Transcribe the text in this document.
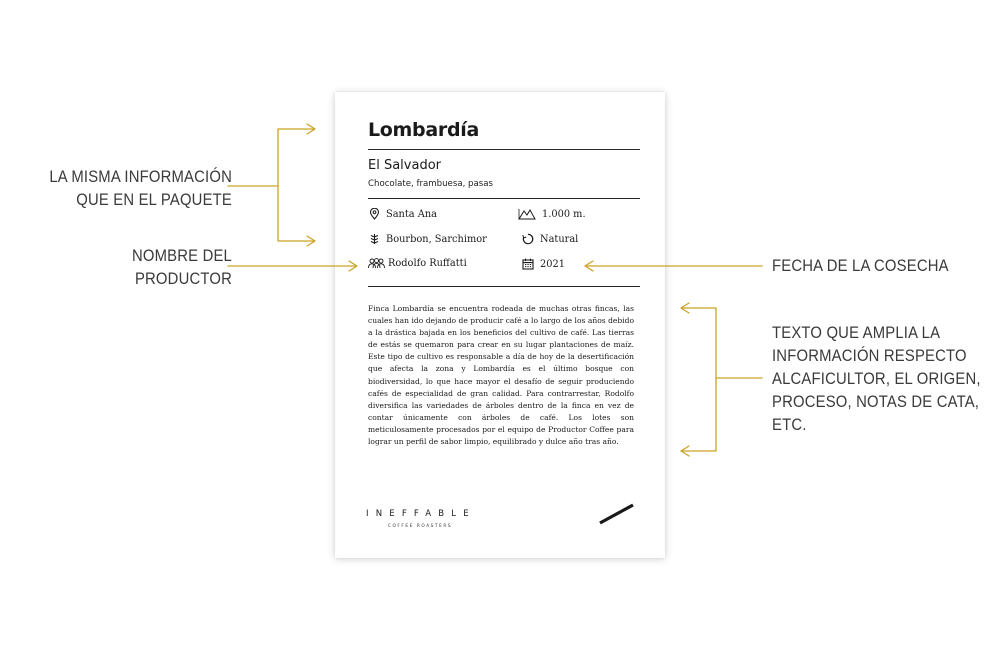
LA MISMA INFORMACIÓN
QUE EN EL PAQUETE
NOMBRE DEL
PRODUCTOR
FECHA DE LA COSECHA
TEXTO QUE AMPLIA LA
INFORMACIÓN RESPECTO
ALCAFICULTOR, EL ORIGEN,
PROCESO, NOTAS DE CATA,
ETC.
Lombardía
El Salvador
Chocolate, frambuesa, pasas
Santa Ana	1.000 m.
Bourbon, Sarchimor	Natural
Rodolfo Ruffatti	2021
Finca Lombardía se encuentra rodeada de muchas otras fincas, las cuales han ido dejando de producir café a lo largo de los años debido a la drástica bajada en los beneficios del cultivo de café. Las tierras de estás se quemaron para crear en su lugar plantaciones de maíz. Este tipo de cultivo es responsable a día de hoy de la desertificación que afecta la zona y Lombardía es el último bosque con biodiversidad, lo que hace mayor el desafío de seguir produciendo cafés de especialidad de gran calidad. Para contrarrestar, Rodolfo diversifica las variedades de árboles dentro de la finca en vez de contar únicamente con árboles de café. Los lotes son meticulosamente procesados por el equipo de Productor Coffee para lograr un perfil de sabor limpio, equilibrado y dulce año tras año.
INEFFABLE
COFFEE ROASTERS
